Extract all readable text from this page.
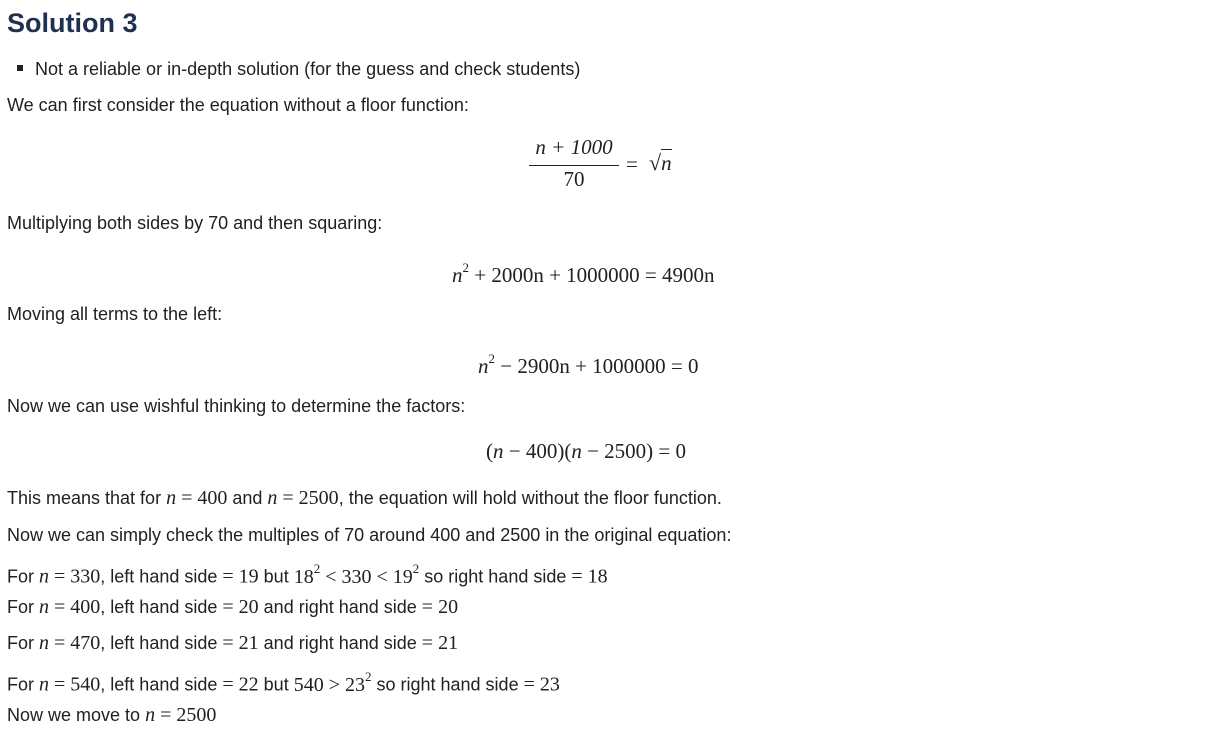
Solution 3
Not a reliable or in-depth solution (for the guess and check students)
We can first consider the equation without a floor function:
n + 1000
70
= √n
Multiplying both sides by 70 and then squaring:
$n^2 + 2000n + 1000000 = 4900n$
Moving all terms to the left:
$n^2 - 2900n + 1000000 = 0$
Now we can use wishful thinking to determine the factors:
(n − 400)(n − 2500) = 0
This means that for n = 400 and n = 2500, the equation will hold without the floor function.
Now we can simply check the multiples of 70 around 400 and 2500 in the original equation:
For n = 330, left hand side = 19 but $18^2 < 330 < 19^2$ so right hand side = 18
For n = 400, left hand side = 20 and right hand side = 20
For n = 470, left hand side = 21 and right hand side = 21
For n = 540, left hand side = 22 but $540 > 23^2$ so right hand side = 23
Now we move to n = 2500
